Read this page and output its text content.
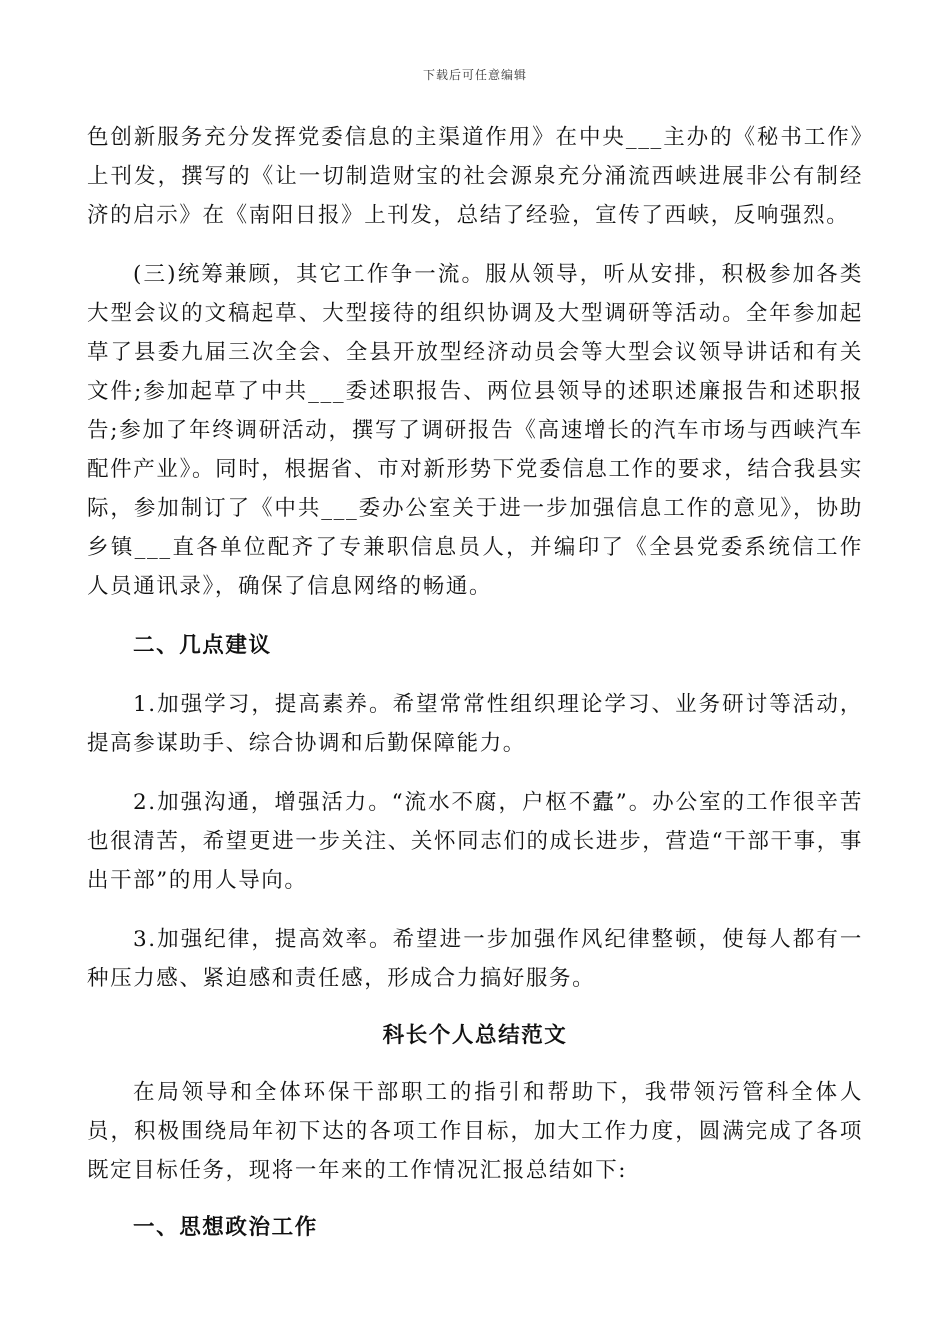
下载后可任意编辑

色创新服务充分发挥党委信息的主渠道作用》在中央___主办的《秘书工作》上刊发，撰写的《让一切制造财宝的社会源泉充分涌流西峡进展非公有制经济的启示》在《南阳日报》上刊发，总结了经验，宣传了西峡，反响强烈。

(三)统筹兼顾，其它工作争一流。服从领导，听从安排，积极参加各类大型会议的文稿起草、大型接待的组织协调及大型调研等活动。全年参加起草了县委九届三次全会、全县开放型经济动员会等大型会议领导讲话和有关文件;参加起草了中共___委述职报告、两位县领导的述职述廉报告和述职报告;参加了年终调研活动，撰写了调研报告《高速增长的汽车市场与西峡汽车配件产业》。同时，根据省、市对新形势下党委信息工作的要求，结合我县实际，参加制订了《中共___委办公室关于进一步加强信息工作的意见》，协助乡镇___直各单位配齐了专兼职信息员人，并编印了《全县党委系统信工作人员通讯录》，确保了信息网络的畅通。

二、几点建议

1.加强学习，提高素养。希望常常性组织理论学习、业务研讨等活动，提高参谋助手、综合协调和后勤保障能力。

2.加强沟通，增强活力。“流水不腐，户枢不蠹”。办公室的工作很辛苦也很清苦，希望更进一步关注、关怀同志们的成长进步，营造“干部干事，事出干部”的用人导向。

3.加强纪律，提高效率。希望进一步加强作风纪律整顿，使每人都有一种压力感、紧迫感和责任感，形成合力搞好服务。

科长个人总结范文

在局领导和全体环保干部职工的指引和帮助下，我带领污管科全体人员，积极围绕局年初下达的各项工作目标，加大工作力度，圆满完成了各项既定目标任务，现将一年来的工作情况汇报总结如下:

一、思想政治工作
